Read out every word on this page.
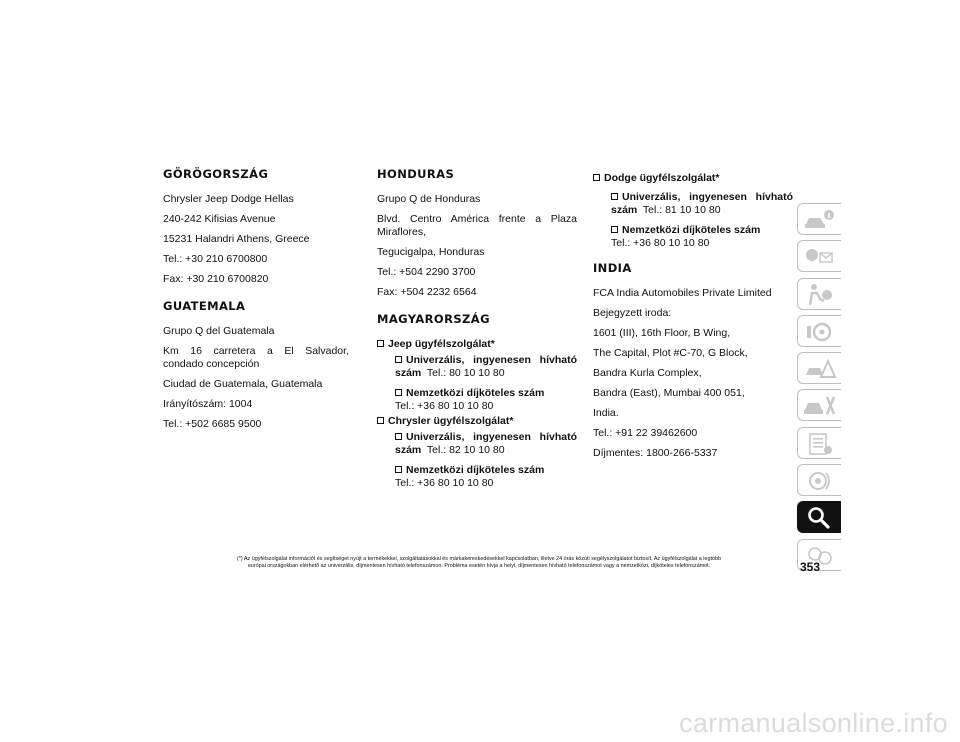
GÖRÖGORSZÁG

Chrysler Jeep Dodge Hellas

240-242 Kifisias Avenue

15231 Halandri Athens, Greece

Tel.: +30 210 6700800

Fax: +30 210 6700820

GUATEMALA

Grupo Q del Guatemala

Km 16 carretera a El Salvador, condado concepción

Ciudad de Guatemala, Guatemala

Irányítószám: 1004

Tel.: +502 6685 9500

HONDURAS

Grupo Q de Honduras

Blvd. Centro América frente a Plaza Miraflores,

Tegucigalpa, Honduras

Tel.: +504 2290 3700

Fax: +504 2232 6564

MAGYARORSZÁG
Jeep ügyfélszolgálat*
Univerzális, ingyenesen hívható
szám Tel.: 80 10 10 80
Nemzetközi díjköteles szám
Tel.: +36 80 10 10 80
Chrysler ügyfélszolgálat*
Univerzális, ingyenesen hívható
szám Tel.: 82 10 10 80
Nemzetközi díjköteles szám
Tel.: +36 80 10 10 80
Dodge ügyfélszolgálat*
Univerzális, ingyenesen hívható
szám Tel.: 81 10 10 80
Nemzetközi díjköteles szám
Tel.: +36 80 10 10 80
INDIA

FCA India Automobiles Private Limited

Bejegyzett iroda:

1601 (III), 16th Floor, B Wing,

The Capital, Plot #C-70, G Block,

Bandra Kurla Complex,

Bandra (East), Mumbai 400 051,

India.

Tel.: +91 22 39462600

Díjmentes: 1800-266-5337

(*) Az ügyfélszolgálat információt és segítséget nyújt a termékekkel, szolgáltatásokkal és márkakereskedésekkel kapcsolatban, illetve 24 órás közúti segélyszolgálatot biztosít. Az ügyfélszolgálat a legtöbb
európai országokban elérhető az univerzális, díjmentesen hívható telefonszámon. Probléma esetén hívja a helyi, díjmentesen hívható telefonszámot vagy a nemzetközi, díjköteles telefonszámot.	353
carmanualsonline.info
